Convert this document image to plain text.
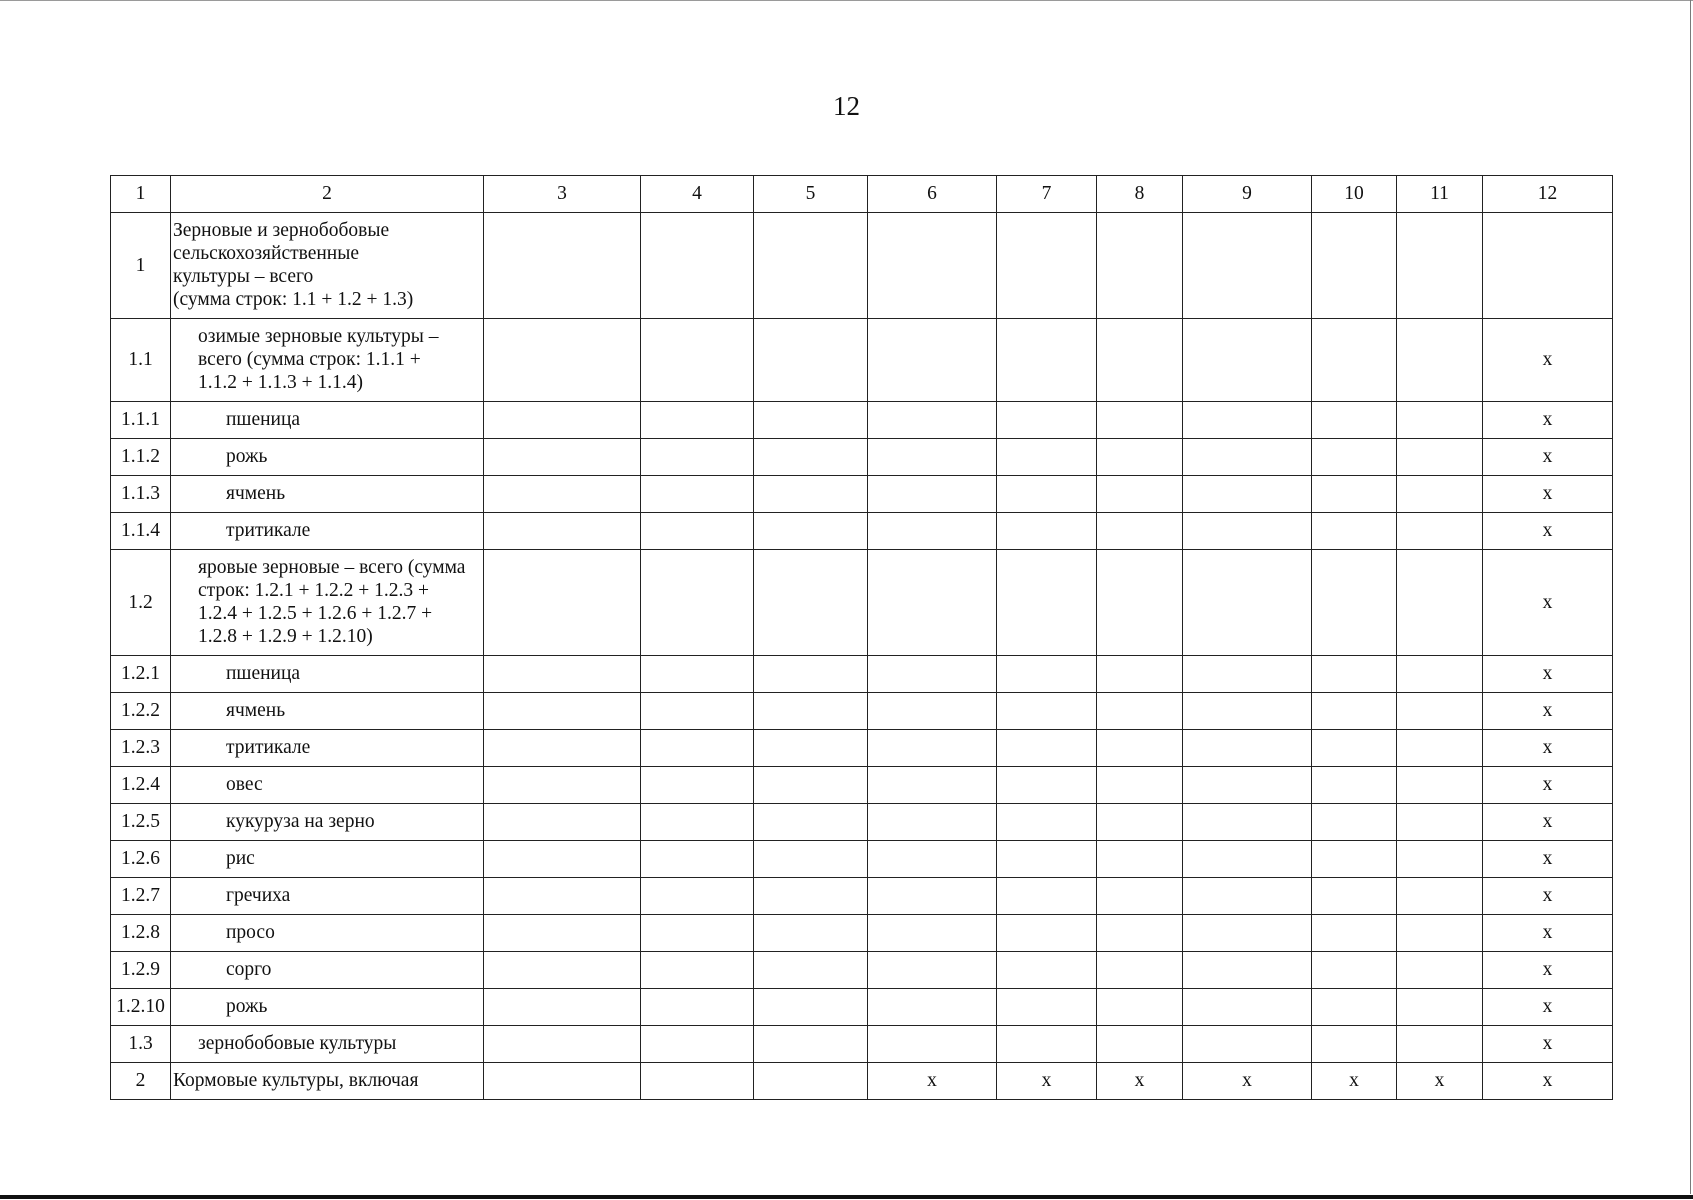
12
1	2	3	4	5	6	7	8	9	10	11	12
1	Зерновые и зернобобовые
сельскохозяйственные
культуры – всего
(сумма строк: 1.1 + 1.2 + 1.3)										
1.1	озимые зерновые культуры –
всего (сумма строк: 1.1.1 +
1.1.2 + 1.1.3 + 1.1.4)										х
1.1.1	пшеница										х
1.1.2	рожь										х
1.1.3	ячмень										х
1.1.4	тритикале										х
1.2	яровые зерновые – всего (сумма
строк: 1.2.1 + 1.2.2 + 1.2.3 +
1.2.4 + 1.2.5 + 1.2.6 + 1.2.7 +
1.2.8 + 1.2.9 + 1.2.10)										х
1.2.1	пшеница										х
1.2.2	ячмень										х
1.2.3	тритикале										х
1.2.4	овес										х
1.2.5	кукуруза на зерно										х
1.2.6	рис										х
1.2.7	гречиха										х
1.2.8	просо										х
1.2.9	сорго										х
1.2.10	рожь										х
1.3	зернобобовые культуры										х
2	Кормовые культуры, включая				х	х	х	х	х	х	х
